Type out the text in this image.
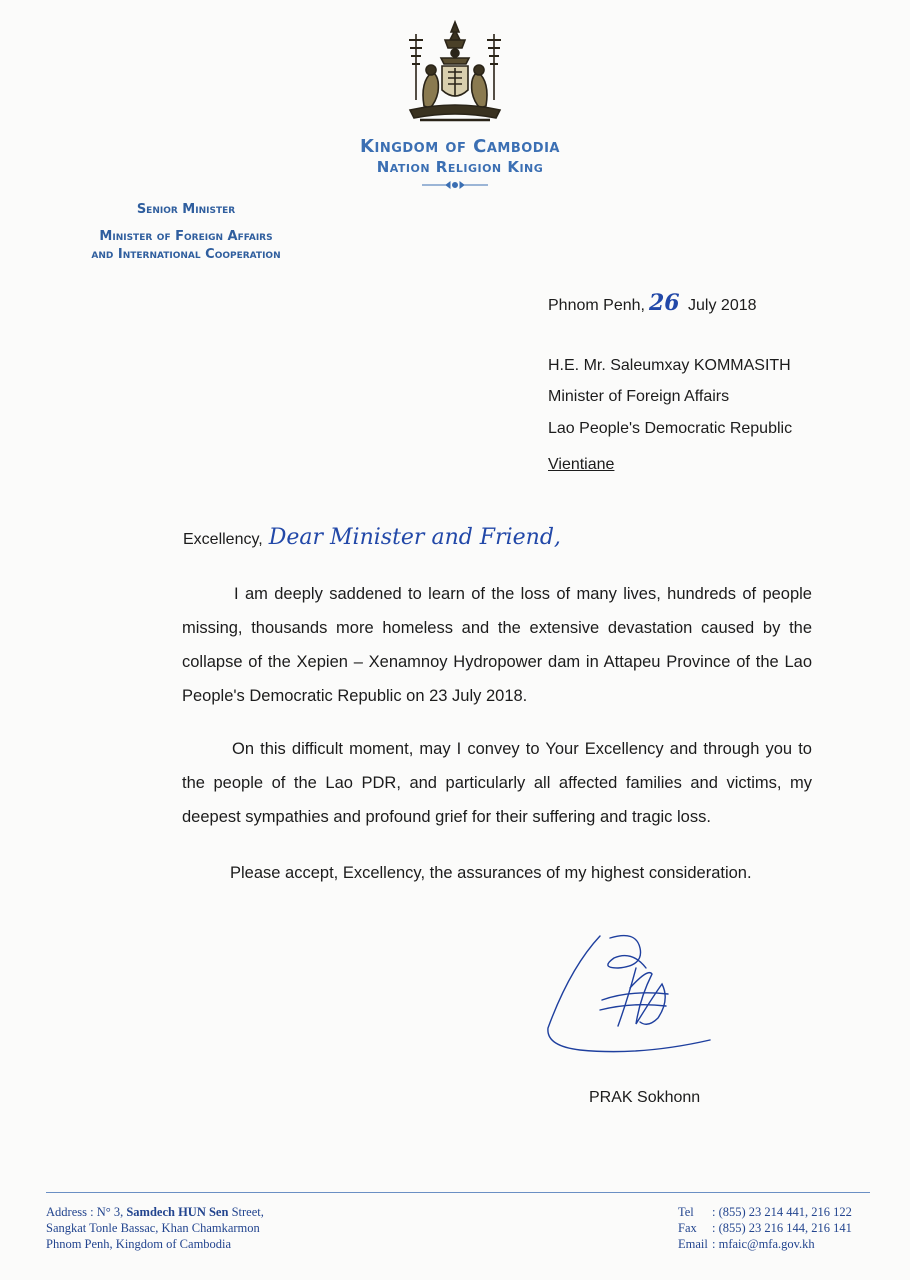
Kingdom of Cambodia
Nation Religion King
Senior Minister
Minister of Foreign Affairs
and International Cooperation
Phnom Penh, 26 July 2018
H.E. Mr. Saleumxay KOMMASITH
Minister of Foreign Affairs
Lao People's Democratic Republic
Vientiane
Excellency, Dear Minister and Friend,
I am deeply saddened to learn of the loss of many lives, hundreds of people
missing, thousands more homeless and the extensive devastation caused by the
collapse of the Xepien – Xenamnoy Hydropower dam in Attapeu Province of the Lao
People's Democratic Republic on 23 July 2018.
On this difficult moment, may I convey to Your Excellency and through you to
the people of the Lao PDR, and particularly all affected families and victims, my
deepest sympathies and profound grief for their suffering and tragic loss.
Please accept, Excellency, the assurances of my highest consideration.
PRAK Sokhonn
Address : N° 3, Samdech HUN Sen Street,
Sangkat Tonle Bassac, Khan Chamkarmon
Phnom Penh, Kingdom of Cambodia
Tel : (855) 23 214 441, 216 122
Fax : (855) 23 216 144, 216 141
Email : mfaic@mfa.gov.kh
